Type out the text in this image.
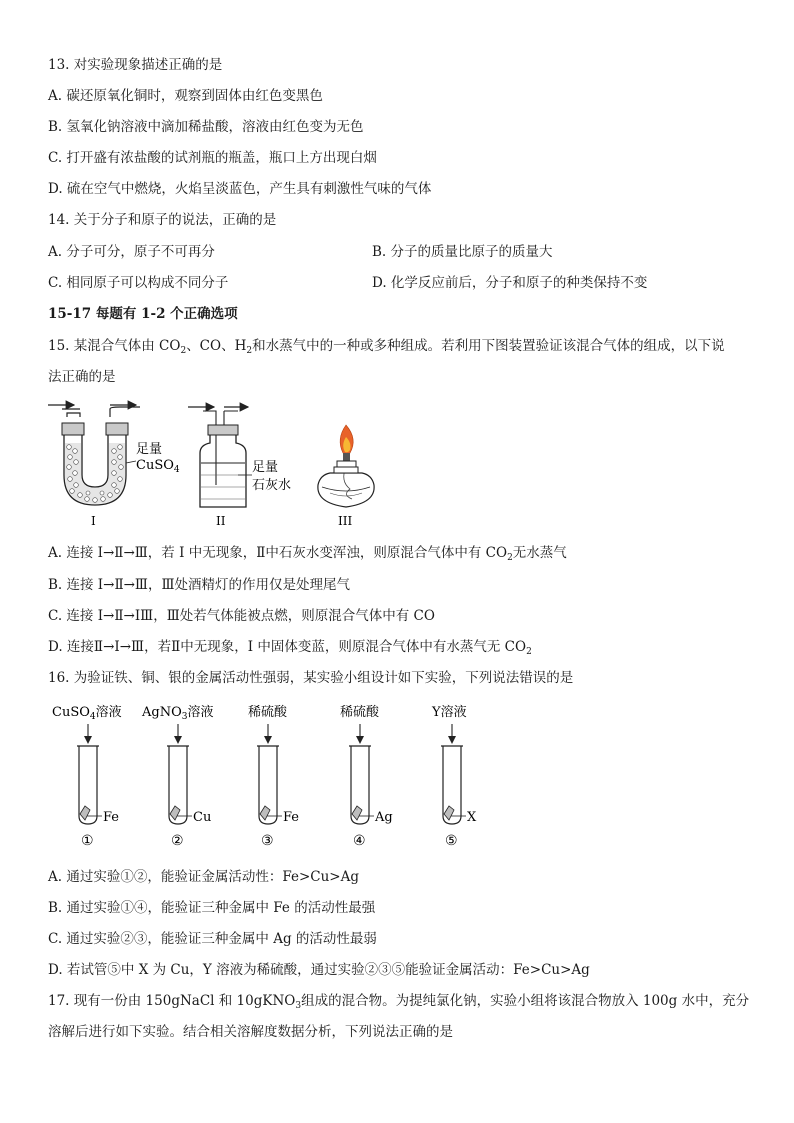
13. 对实验现象描述正确的是
A. 碳还原氧化铜时，观察到固体由红色变黑色
B. 氢氧化钠溶液中滴加稀盐酸，溶液由红色变为无色
C. 打开盛有浓盐酸的试剂瓶的瓶盖，瓶口上方出现白烟
D. 硫在空气中燃烧，火焰呈淡蓝色，产生具有刺激性气味的气体
14. 关于分子和原子的说法，正确的是
A. 分子可分，原子不可再分	B. 分子的质量比原子的质量大
C. 相同原子可以构成不同分子	D. 化学反应前后，分子和原子的种类保持不变
15-17 每题有 1-2 个正确选项
15. 某混合气体由 $CO_2$、CO、$H_2$和水蒸气中的一种或多种组成。若利用下图装置验证该混合气体的组成，以下说
法正确的是
足量
CuSO$_4$
I
足量
石灰水
II	III
A. 连接 I→Ⅱ→Ⅲ，若 I 中无现象，Ⅱ中石灰水变浑浊，则原混合气体中有 $CO_2$无水蒸气
B. 连接 I→Ⅱ→Ⅲ，Ⅲ处酒精灯的作用仅是处理尾气
C. 连接 I→Ⅱ→IⅢ，Ⅲ处若气体能被点燃，则原混合气体中有 CO
D. 连接Ⅱ→I→Ⅲ，若Ⅱ中无现象，I 中固体变蓝，则原混合气体中有水蒸气无 $CO_2$
16. 为验证铁、铜、银的金属活动性强弱，某实验小组设计如下实验，下列说法错误的是
CuSO$_4$溶液
Fe
①
AgNO$_3$溶液
Cu
②
稀硫酸
Fe
③
稀硫酸
Ag
④
Y溶液
X
⑤
A. 通过实验①②，能验证金属活动性：Fe>Cu>Ag
B. 通过实验①④，能验证三种金属中 Fe 的活动性最强
C. 通过实验②③，能验证三种金属中 Ag 的活动性最弱
D. 若试管⑤中 X 为 Cu，Y 溶液为稀硫酸，通过实验②③⑤能验证金属活动：Fe>Cu>Ag
17. 现有一份由 150gNaCl 和 10gKNO$_3$组成的混合物。为提纯氯化钠，实验小组将该混合物放入 100g 水中，充分
溶解后进行如下实验。结合相关溶解度数据分析，下列说法正确的是
